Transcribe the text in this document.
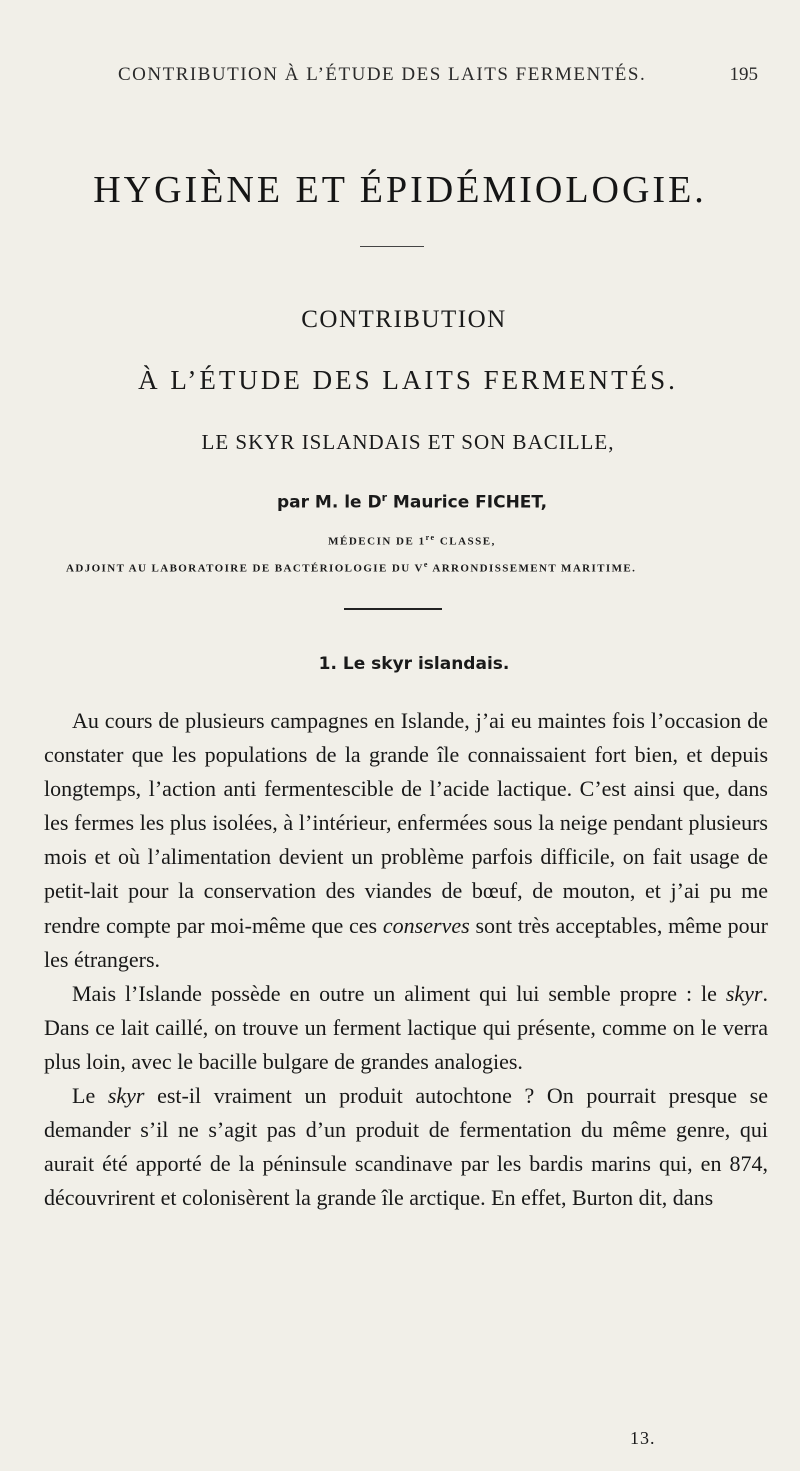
CONTRIBUTION À L’ÉTUDE DES LAITS FERMENTÉS.	195
HYGIÈNE ET ÉPIDÉMIOLOGIE.
CONTRIBUTION
À L’ÉTUDE DES LAITS FERMENTÉS.
LE SKYR ISLANDAIS ET SON BACILLE,
par M. le $D^r$ Maurice FICHET,
MÉDECIN DE 1re CLASSE,
ADJOINT AU LABORATOIRE DE BACTÉRIOLOGIE DU Ve ARRONDISSEMENT MARITIME.
1. Le skyr islandais.

Au cours de plusieurs campagnes en Islande, j’ai eu maintes fois l’occasion de constater que les populations de la grande île connaissaient fort bien, et depuis longtemps, l’action anti fermentescible de l’acide lactique. C’est ainsi que, dans les fermes les plus isolées, à l’intérieur, enfermées sous la neige pendant plusieurs mois et où l’alimentation devient un problème parfois difficile, on fait usage de petit-lait pour la conservation des viandes de bœuf, de mouton, et j’ai pu me rendre compte par moi-même que ces conserves sont très acceptables, même pour les étrangers.

Mais l’Islande possède en outre un aliment qui lui semble propre : le skyr. Dans ce lait caillé, on trouve un ferment lactique qui présente, comme on le verra plus loin, avec le bacille bulgare de grandes analogies.

Le skyr est-il vraiment un produit autochtone ? On pourrait presque se demander s’il ne s’agit pas d’un produit de fermentation du même genre, qui aurait été apporté de la péninsule scandinave par les bardis marins qui, en 874, découvrirent et colonisèrent la grande île arctique. En effet, Burton dit, dans

13.
